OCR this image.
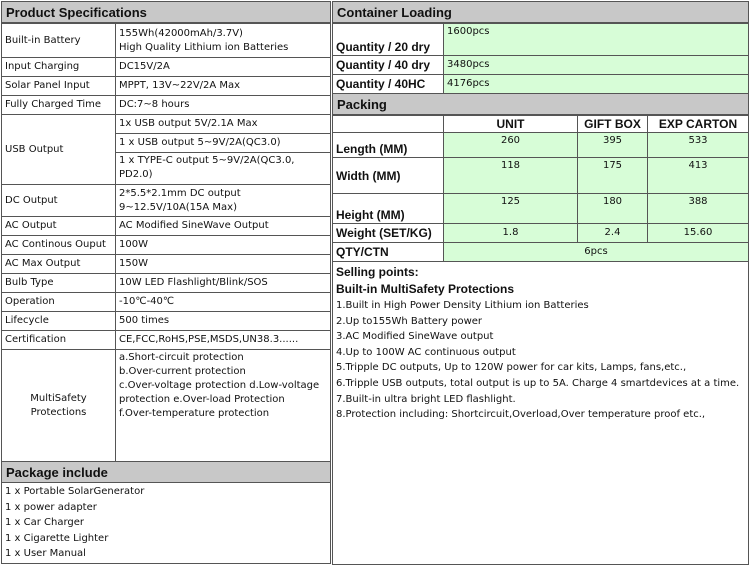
Product Specifications
Built-in Battery	155Wh(42000mAh/3.7V)
High Quality Lithium ion Batteries
Input Charging	DC15V/2A
Solar Panel Input	MPPT, 13V~22V/2A Max
Fully Charged Time	DC:7~8 hours
USB Output	1x USB output 5V/2.1A Max
	1 x USB output 5~9V/2A(QC3.0)
	1 x TYPE-C output 5~9V/2A(QC3.0, PD2.0)
DC Output	2*5.5*2.1mm DC output 9~12.5V/10A(15A Max)
AC Output	AC Modified SineWave Output
AC Continous Ouput	100W
AC Max Output	150W
Bulb Type	10W LED Flashlight/Blink/SOS
Operation	-10℃-40℃
Lifecycle	500 times
Certification	CE,FCC,RoHS,PSE,MSDS,UN38.3......
MultiSafety
Protections	a.Short-circuit protection
b.Over-current protection
c.Over-voltage protection d.Low-voltage protection e.Over-load Protection
f.Over-temperature protection
Package include
1 x Portable SolarGenerator
1 x power adapter
1 x Car Charger
1 x Cigarette Lighter
1 x User Manual
Container Loading
Quantity / 20 dry	1600pcs
Quantity / 40 dry	3480pcs
Quantity / 40HC	4176pcs
Packing
	UNIT	GIFT BOX	EXP CARTON
Length (MM)	260	395	533
Width (MM)	118	175	413
Height (MM)	125	180	388
Weight (SET/KG)	1.8	2.4	15.60
QTY/CTN	6pcs		
Selling points:
Built-in MultiSafety Protections
1.Built in High Power Density Lithium ion Batteries
2.Up to155Wh Battery power
3.AC Modified SineWave output
4.Up to 100W AC continuous output
5.Tripple DC outputs, Up to 120W power for car kits, Lamps, fans,etc.,
6.Tripple USB outputs, total output is up to 5A. Charge 4 smartdevices at a time.
7.Built-in ultra bright LED flashlight.
8.Protection including: Shortcircuit,Overload,Over temperature proof etc.,
